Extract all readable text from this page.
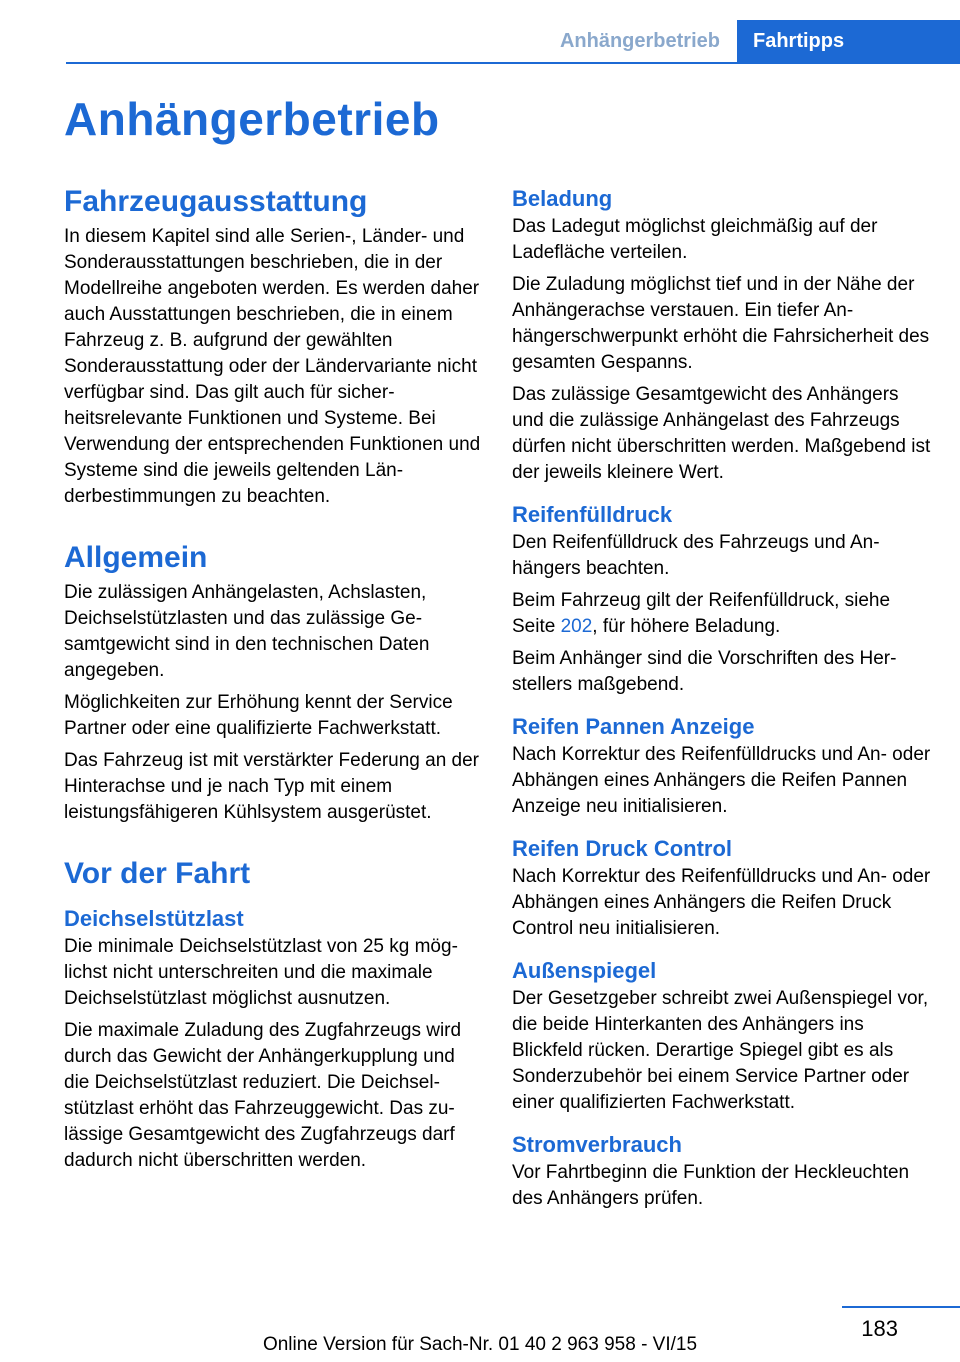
Anhängerbetrieb	Fahrtipps
Anhängerbetrieb
Fahrzeugausstattung

In diesem Kapitel sind alle Serien-, Länder- und Sonderausstattungen beschrieben, die in der Modellreihe angeboten werden. Es werden daher auch Ausstattungen beschrieben, die in einem Fahrzeug z. B. aufgrund der gewählten Sonderausstattung oder der Ländervariante nicht verfügbar sind. Das gilt auch für sicherheitsrelevante Funktionen und Systeme. Bei Verwendung der entsprechenden Funktionen und Systeme sind die jeweils geltenden Länderbestimmungen zu beachten.

Allgemein

Die zulässigen Anhängelasten, Achslasten, Deichselstützlasten und das zulässige Gesamtgewicht sind in den technischen Daten angegeben.

Möglichkeiten zur Erhöhung kennt der Service Partner oder eine qualifizierte Fachwerkstatt.

Das Fahrzeug ist mit verstärkter Federung an der Hinterachse und je nach Typ mit einem leistungsfähigeren Kühlsystem ausgerüstet.

Vor der Fahrt
Deichselstützlast

Die minimale Deichselstützlast von 25 kg möglichst nicht unterschreiten und die maximale Deichselstützlast möglichst ausnutzen.

Die maximale Zuladung des Zugfahrzeugs wird durch das Gewicht der Anhängerkupplung und die Deichselstützlast reduziert. Die Deichselstützlast erhöht das Fahrzeuggewicht. Das zulässige Gesamtgewicht des Zugfahrzeugs darf dadurch nicht überschritten werden.

Beladung

Das Ladegut möglichst gleichmäßig auf der Ladefläche verteilen.

Die Zuladung möglichst tief und in der Nähe der Anhängerachse verstauen. Ein tiefer Anhängerschwerpunkt erhöht die Fahrsicherheit des gesamten Gespanns.

Das zulässige Gesamtgewicht des Anhängers und die zulässige Anhängelast des Fahrzeugs dürfen nicht überschritten werden. Maßgebend ist der jeweils kleinere Wert.

Reifenfülldruck

Den Reifenfülldruck des Fahrzeugs und Anhängers beachten.

Beim Fahrzeug gilt der Reifenfülldruck, siehe Seite 202, für höhere Beladung.

Beim Anhänger sind die Vorschriften des Herstellers maßgebend.

Reifen Pannen Anzeige

Nach Korrektur des Reifenfülldrucks und An- oder Abhängen eines Anhängers die Reifen Pannen Anzeige neu initialisieren.

Reifen Druck Control

Nach Korrektur des Reifenfülldrucks und An- oder Abhängen eines Anhängers die Reifen Druck Control neu initialisieren.

Außenspiegel

Der Gesetzgeber schreibt zwei Außenspiegel vor, die beide Hinterkanten des Anhängers ins Blickfeld rücken. Derartige Spiegel gibt es als Sonderzubehör bei einem Service Partner oder einer qualifizierten Fachwerkstatt.

Stromverbrauch

Vor Fahrtbeginn die Funktion der Heckleuchten des Anhängers prüfen.

183
Online Version für Sach-Nr. 01 40 2 963 958 - VI/15
